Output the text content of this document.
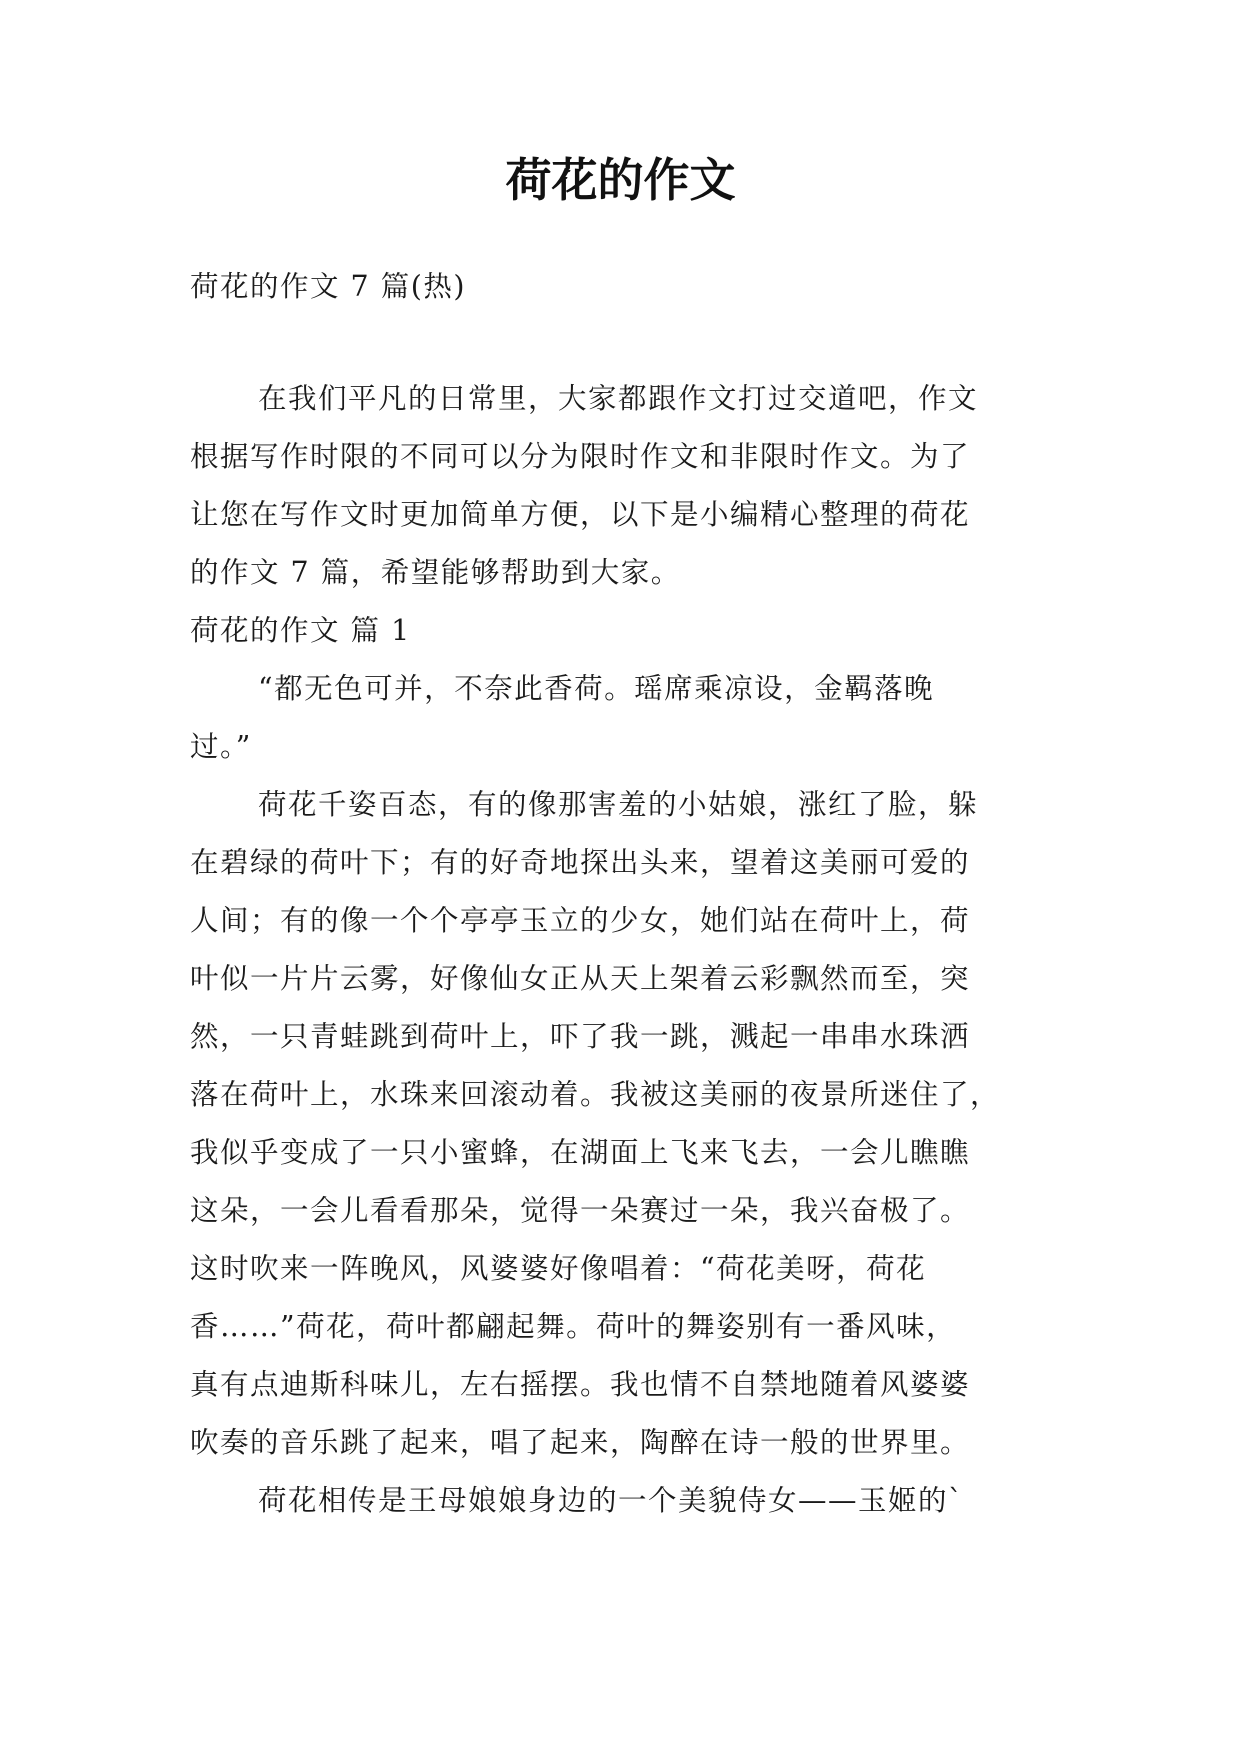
荷花的作文
荷花的作文 7 篇(热)
在我们平凡的日常里，大家都跟作文打过交道吧，作文
根据写作时限的不同可以分为限时作文和非限时作文。为了
让您在写作文时更加简单方便，以下是小编精心整理的荷花
的作文 7 篇，希望能够帮助到大家。
荷花的作文 篇 1
“都无色可并，不奈此香荷。瑶席乘凉设，金羁落晚
过。”
荷花千姿百态，有的像那害羞的小姑娘，涨红了脸，躲
在碧绿的荷叶下；有的好奇地探出头来，望着这美丽可爱的
人间；有的像一个个亭亭玉立的少女，她们站在荷叶上，荷
叶似一片片云雾，好像仙女正从天上架着云彩飘然而至，突
然，一只青蛙跳到荷叶上，吓了我一跳，溅起一串串水珠洒
落在荷叶上，水珠来回滚动着。我被这美丽的夜景所迷住了，
我似乎变成了一只小蜜蜂，在湖面上飞来飞去，一会儿瞧瞧
这朵，一会儿看看那朵，觉得一朵赛过一朵，我兴奋极了。
这时吹来一阵晚风，风婆婆好像唱着：“荷花美呀，荷花
香……”荷花，荷叶都翩起舞。荷叶的舞姿别有一番风味，
真有点迪斯科味儿，左右摇摆。我也情不自禁地随着风婆婆
吹奏的音乐跳了起来，唱了起来，陶醉在诗一般的世界里。
荷花相传是王母娘娘身边的一个美貌侍女——玉姬的`
